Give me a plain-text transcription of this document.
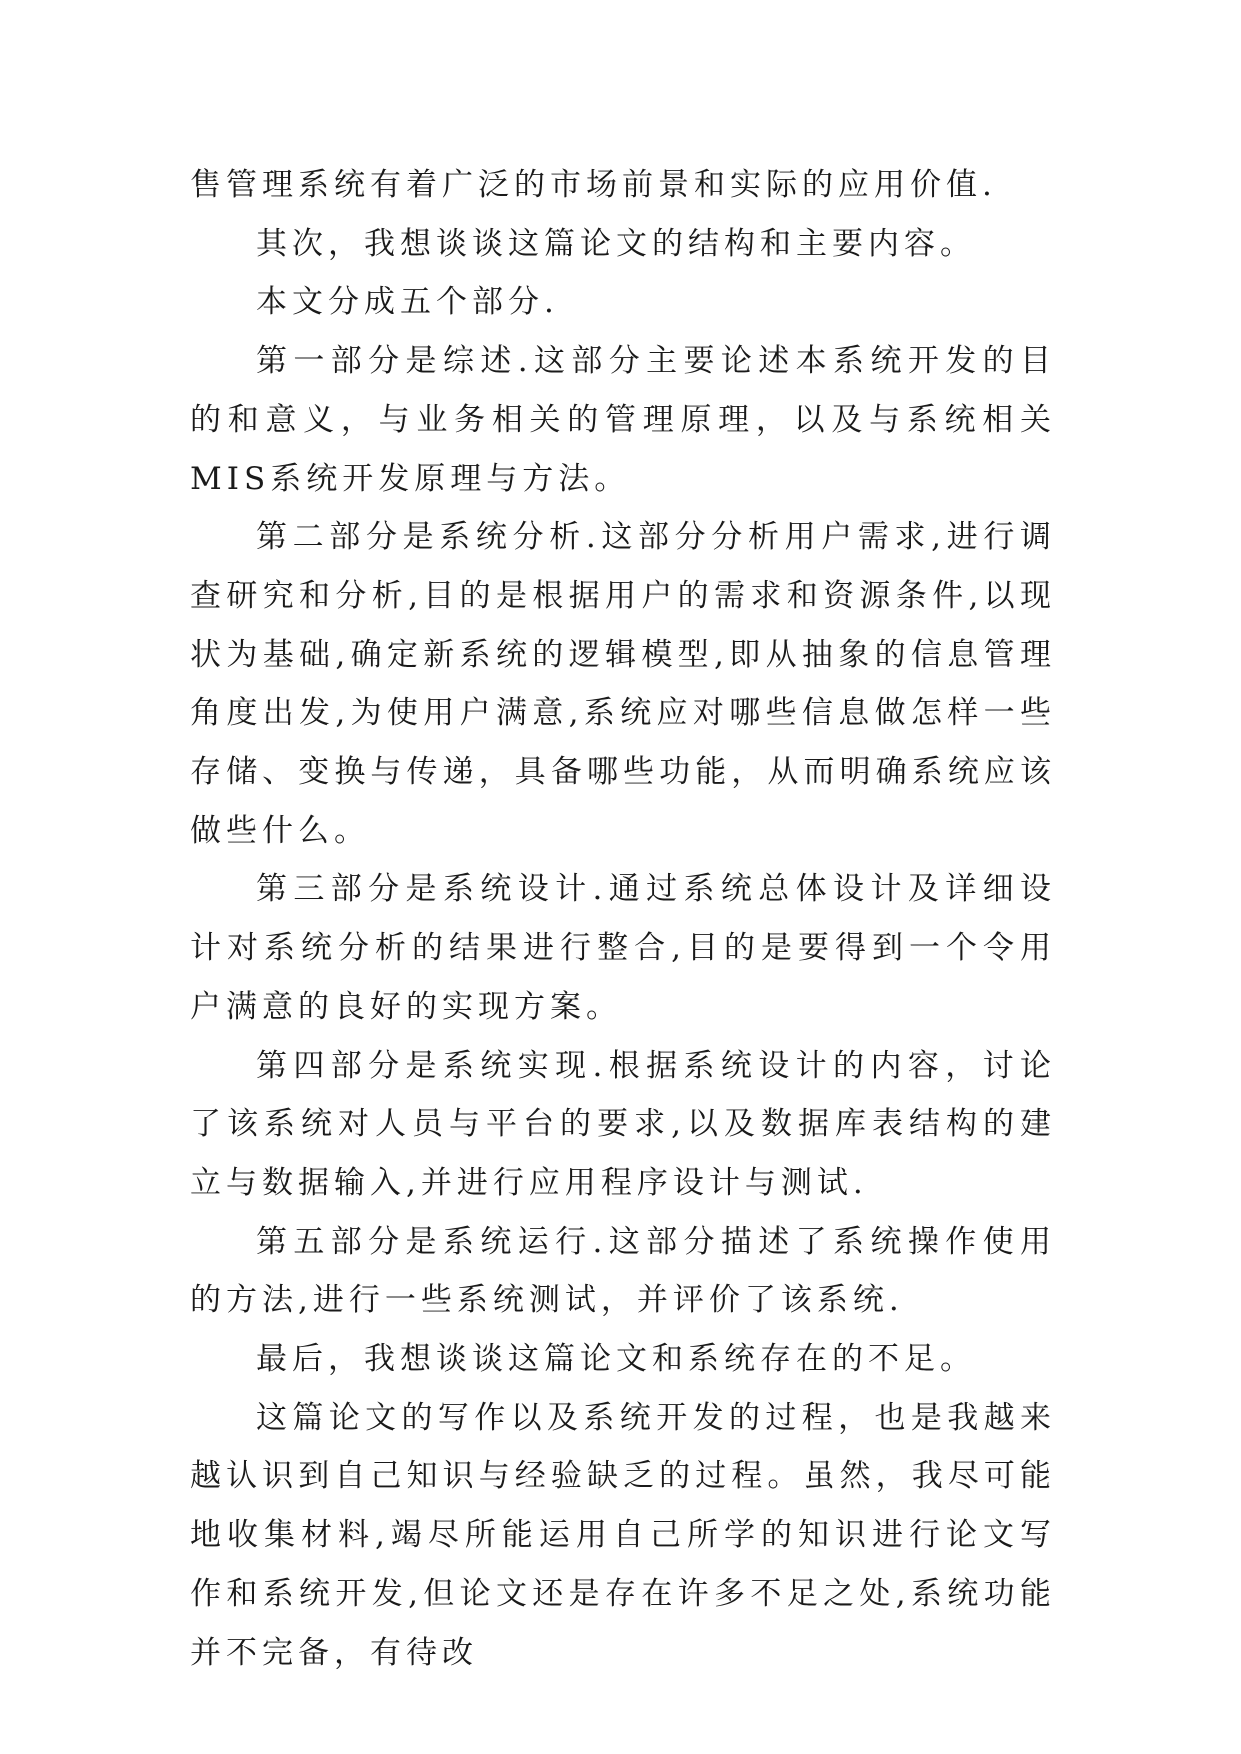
售管理系统有着广泛的市场前景和实际的应用价值.

其次，我想谈谈这篇论文的结构和主要内容。

本文分成五个部分.

第一部分是综述.这部分主要论述本系统开发的目的和意义，与业务相关的管理原理，以及与系统相关MIS系统开发原理与方法。

第二部分是系统分析.这部分分析用户需求,进行调查研究和分析,目的是根据用户的需求和资源条件,以现状为基础,确定新系统的逻辑模型,即从抽象的信息管理角度出发,为使用户满意,系统应对哪些信息做怎样一些存储、变换与传递，具备哪些功能，从而明确系统应该做些什么。

第三部分是系统设计.通过系统总体设计及详细设计对系统分析的结果进行整合,目的是要得到一个令用户满意的良好的实现方案。

第四部分是系统实现.根据系统设计的内容，讨论了该系统对人员与平台的要求,以及数据库表结构的建立与数据输入,并进行应用程序设计与测试.

第五部分是系统运行.这部分描述了系统操作使用的方法,进行一些系统测试，并评价了该系统.

最后，我想谈谈这篇论文和系统存在的不足。

这篇论文的写作以及系统开发的过程，也是我越来越认识到自己知识与经验缺乏的过程。虽然，我尽可能地收集材料,竭尽所能运用自己所学的知识进行论文写作和系统开发,但论文还是存在许多不足之处,系统功能并不完备，有待改
